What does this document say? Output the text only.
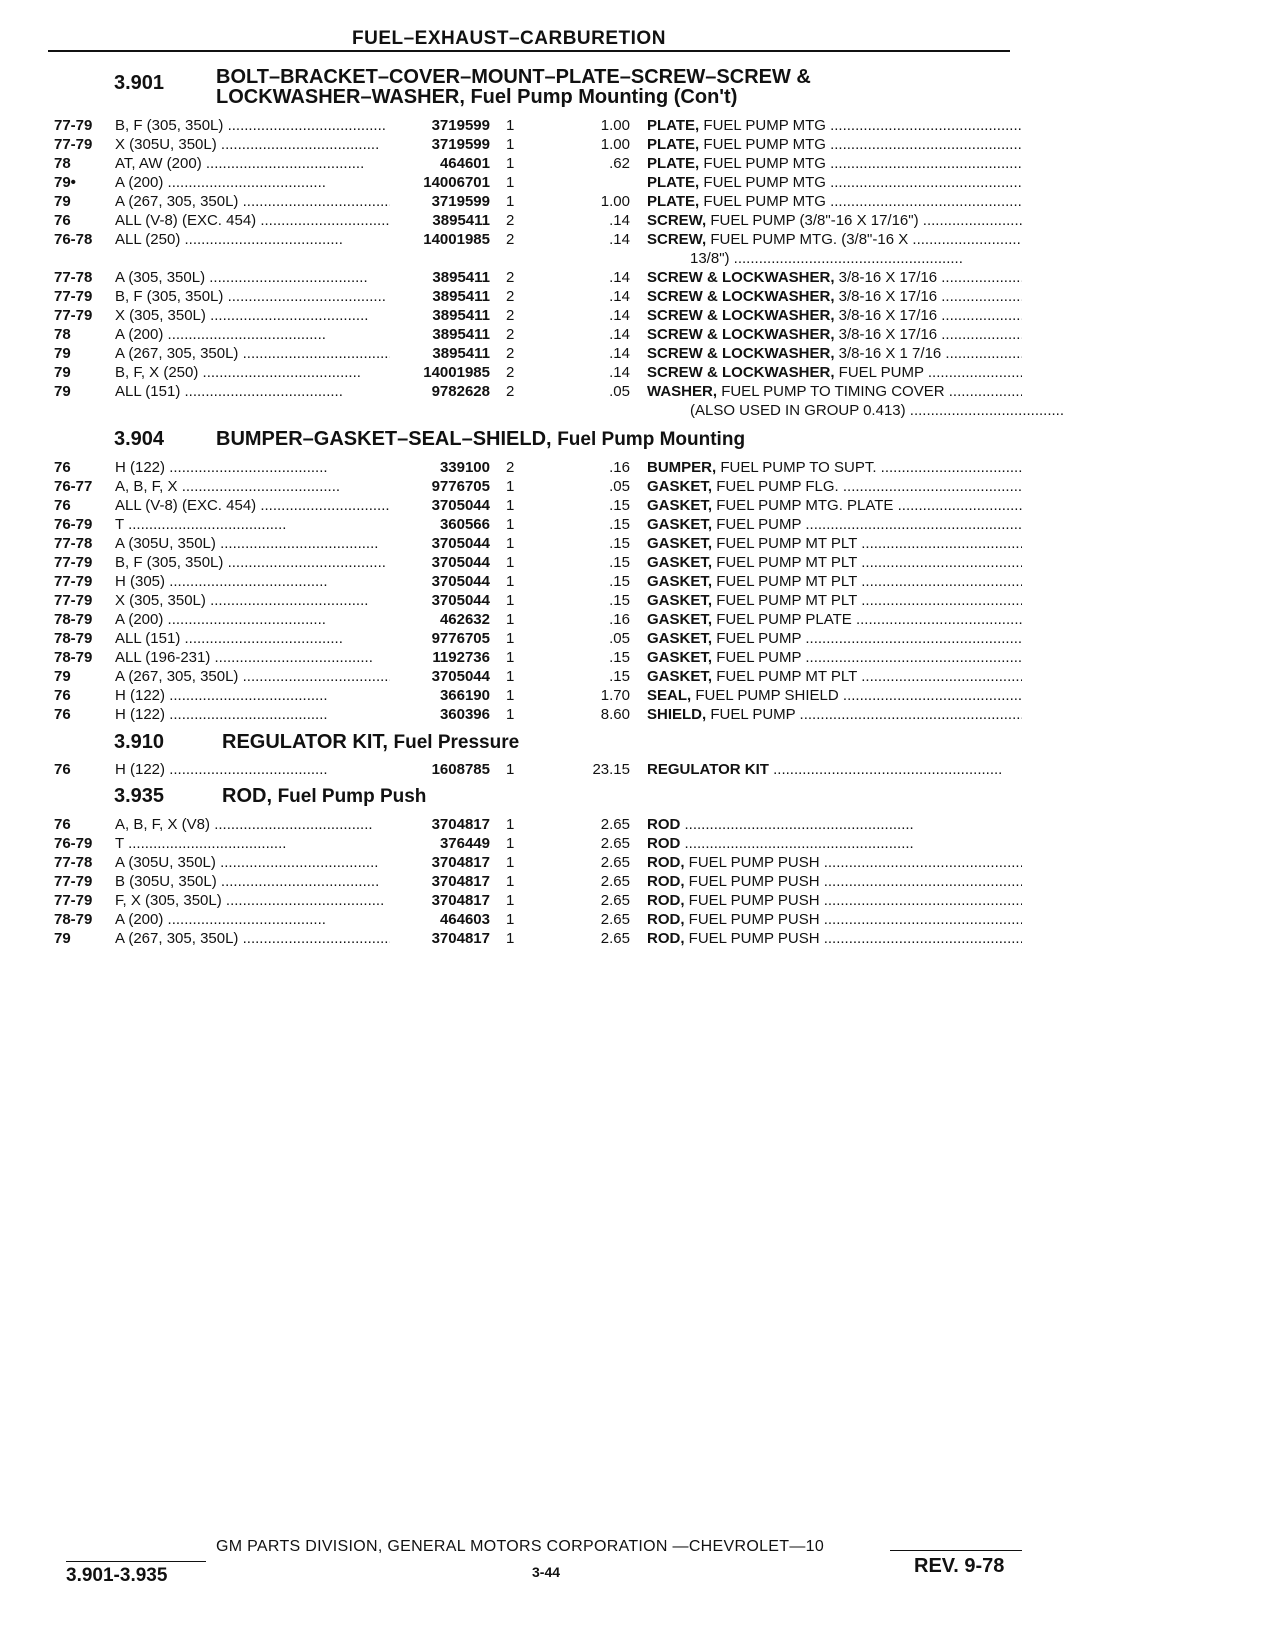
FUEL–EXHAUST–CARBURETION
3.901	BOLT–BRACKET–COVER–MOUNT–PLATE–SCREW–SCREW &
LOCKWASHER–WASHER, Fuel Pump Mounting (Con't)
77-79 B, F (305, 350L) .....	3719599 1	1.00 PLATE, FUEL PUMP MTG .....
77-79 X (305U, 350L) .....	3719599 1	1.00 PLATE, FUEL PUMP MTG .....
78	AT, AW (200) .....	464601 1	.62 PLATE, FUEL PUMP MTG .....
79•	A (200) .....	14006701 1	PLATE, FUEL PUMP MTG .....
79	A (267, 305, 350L) .....	3719599 1	1.00 PLATE, FUEL PUMP MTG .....
76	ALL (V-8) (EXC. 454) .....	3895411 2	.14 SCREW, FUEL PUMP (3/8"-16 X 17/16") .....
76-78 ALL (250) .....	14001985 2	.14 SCREW, FUEL PUMP MTG. (3/8"-16 X .....
13/8") .....
77-78 A (305, 350L) .....	3895411 2	.14 SCREW & LOCKWASHER, 3/8-16 X 17/16 .....
77-79 B, F (305, 350L) .....	3895411 2	.14 SCREW & LOCKWASHER, 3/8-16 X 17/16 .....
77-79 X (305, 350L) .....	3895411 2	.14 SCREW & LOCKWASHER, 3/8-16 X 17/16 .....
78	A (200) .....	3895411 2	.14 SCREW & LOCKWASHER, 3/8-16 X 17/16 .....
79	A (267, 305, 350L) .....	3895411 2	.14 SCREW & LOCKWASHER, 3/8-16 X 1 7/16 .....
79	B, F, X (250) .....	14001985 2	.14 SCREW & LOCKWASHER, FUEL PUMP .....
79	ALL (151) .....	9782628 2	.05 WASHER, FUEL PUMP TO TIMING COVER .....
(ALSO USED IN GROUP 0.413) .....
3.904	BUMPER–GASKET–SEAL–SHIELD, Fuel Pump Mounting
76	H (122) .....	339100 2	.16 BUMPER, FUEL PUMP TO SUPT. .....
76-77 A, B, F, X .....	9776705 1	.05 GASKET, FUEL PUMP FLG. .....
76	ALL (V-8) (EXC. 454) .....	3705044 1	.15 GASKET, FUEL PUMP MTG. PLATE .....
76-79 T .....	360566 1	.15 GASKET, FUEL PUMP .....
77-78 A (305U, 350L) .....	3705044 1	.15 GASKET, FUEL PUMP MT PLT .....
77-79 B, F (305, 350L) .....	3705044 1	.15 GASKET, FUEL PUMP MT PLT .....
77-79 H (305) .....	3705044 1	.15 GASKET, FUEL PUMP MT PLT .....
77-79 X (305, 350L) .....	3705044 1	.15 GASKET, FUEL PUMP MT PLT .....
78-79 A (200) .....	462632 1	.16 GASKET, FUEL PUMP PLATE .....
78-79 ALL (151) .....	9776705 1	.05 GASKET, FUEL PUMP .....
78-79 ALL (196-231) .....	1192736 1	.15 GASKET, FUEL PUMP .....
79	A (267, 305, 350L) .....	3705044 1	.15 GASKET, FUEL PUMP MT PLT .....
76	H (122) .....	366190 1	1.70 SEAL, FUEL PUMP SHIELD .....
76	H (122) .....	360396 1	8.60 SHIELD, FUEL PUMP .....
3.910	REGULATOR KIT, Fuel Pressure
76	H (122) .....	1608785 1	23.15 REGULATOR KIT .....
3.935	ROD, Fuel Pump Push
76	A, B, F, X (V8) .....	3704817 1	2.65 ROD .....
76-79 T .....	376449 1	2.65 ROD .....
77-78 A (305U, 350L) .....	3704817 1	2.65 ROD, FUEL PUMP PUSH .....
77-79 B (305U, 350L) .....	3704817 1	2.65 ROD, FUEL PUMP PUSH .....
77-79 F, X (305, 350L) .....	3704817 1	2.65 ROD, FUEL PUMP PUSH .....
78-79 A (200) .....	464603 1	2.65 ROD, FUEL PUMP PUSH .....
79	A (267, 305, 350L) .....	3704817 1	2.65 ROD, FUEL PUMP PUSH .....
GM PARTS DIVISION, GENERAL MOTORS CORPORATION —CHEVROLET—10
3.901-3.935	3-44	REV. 9-78
